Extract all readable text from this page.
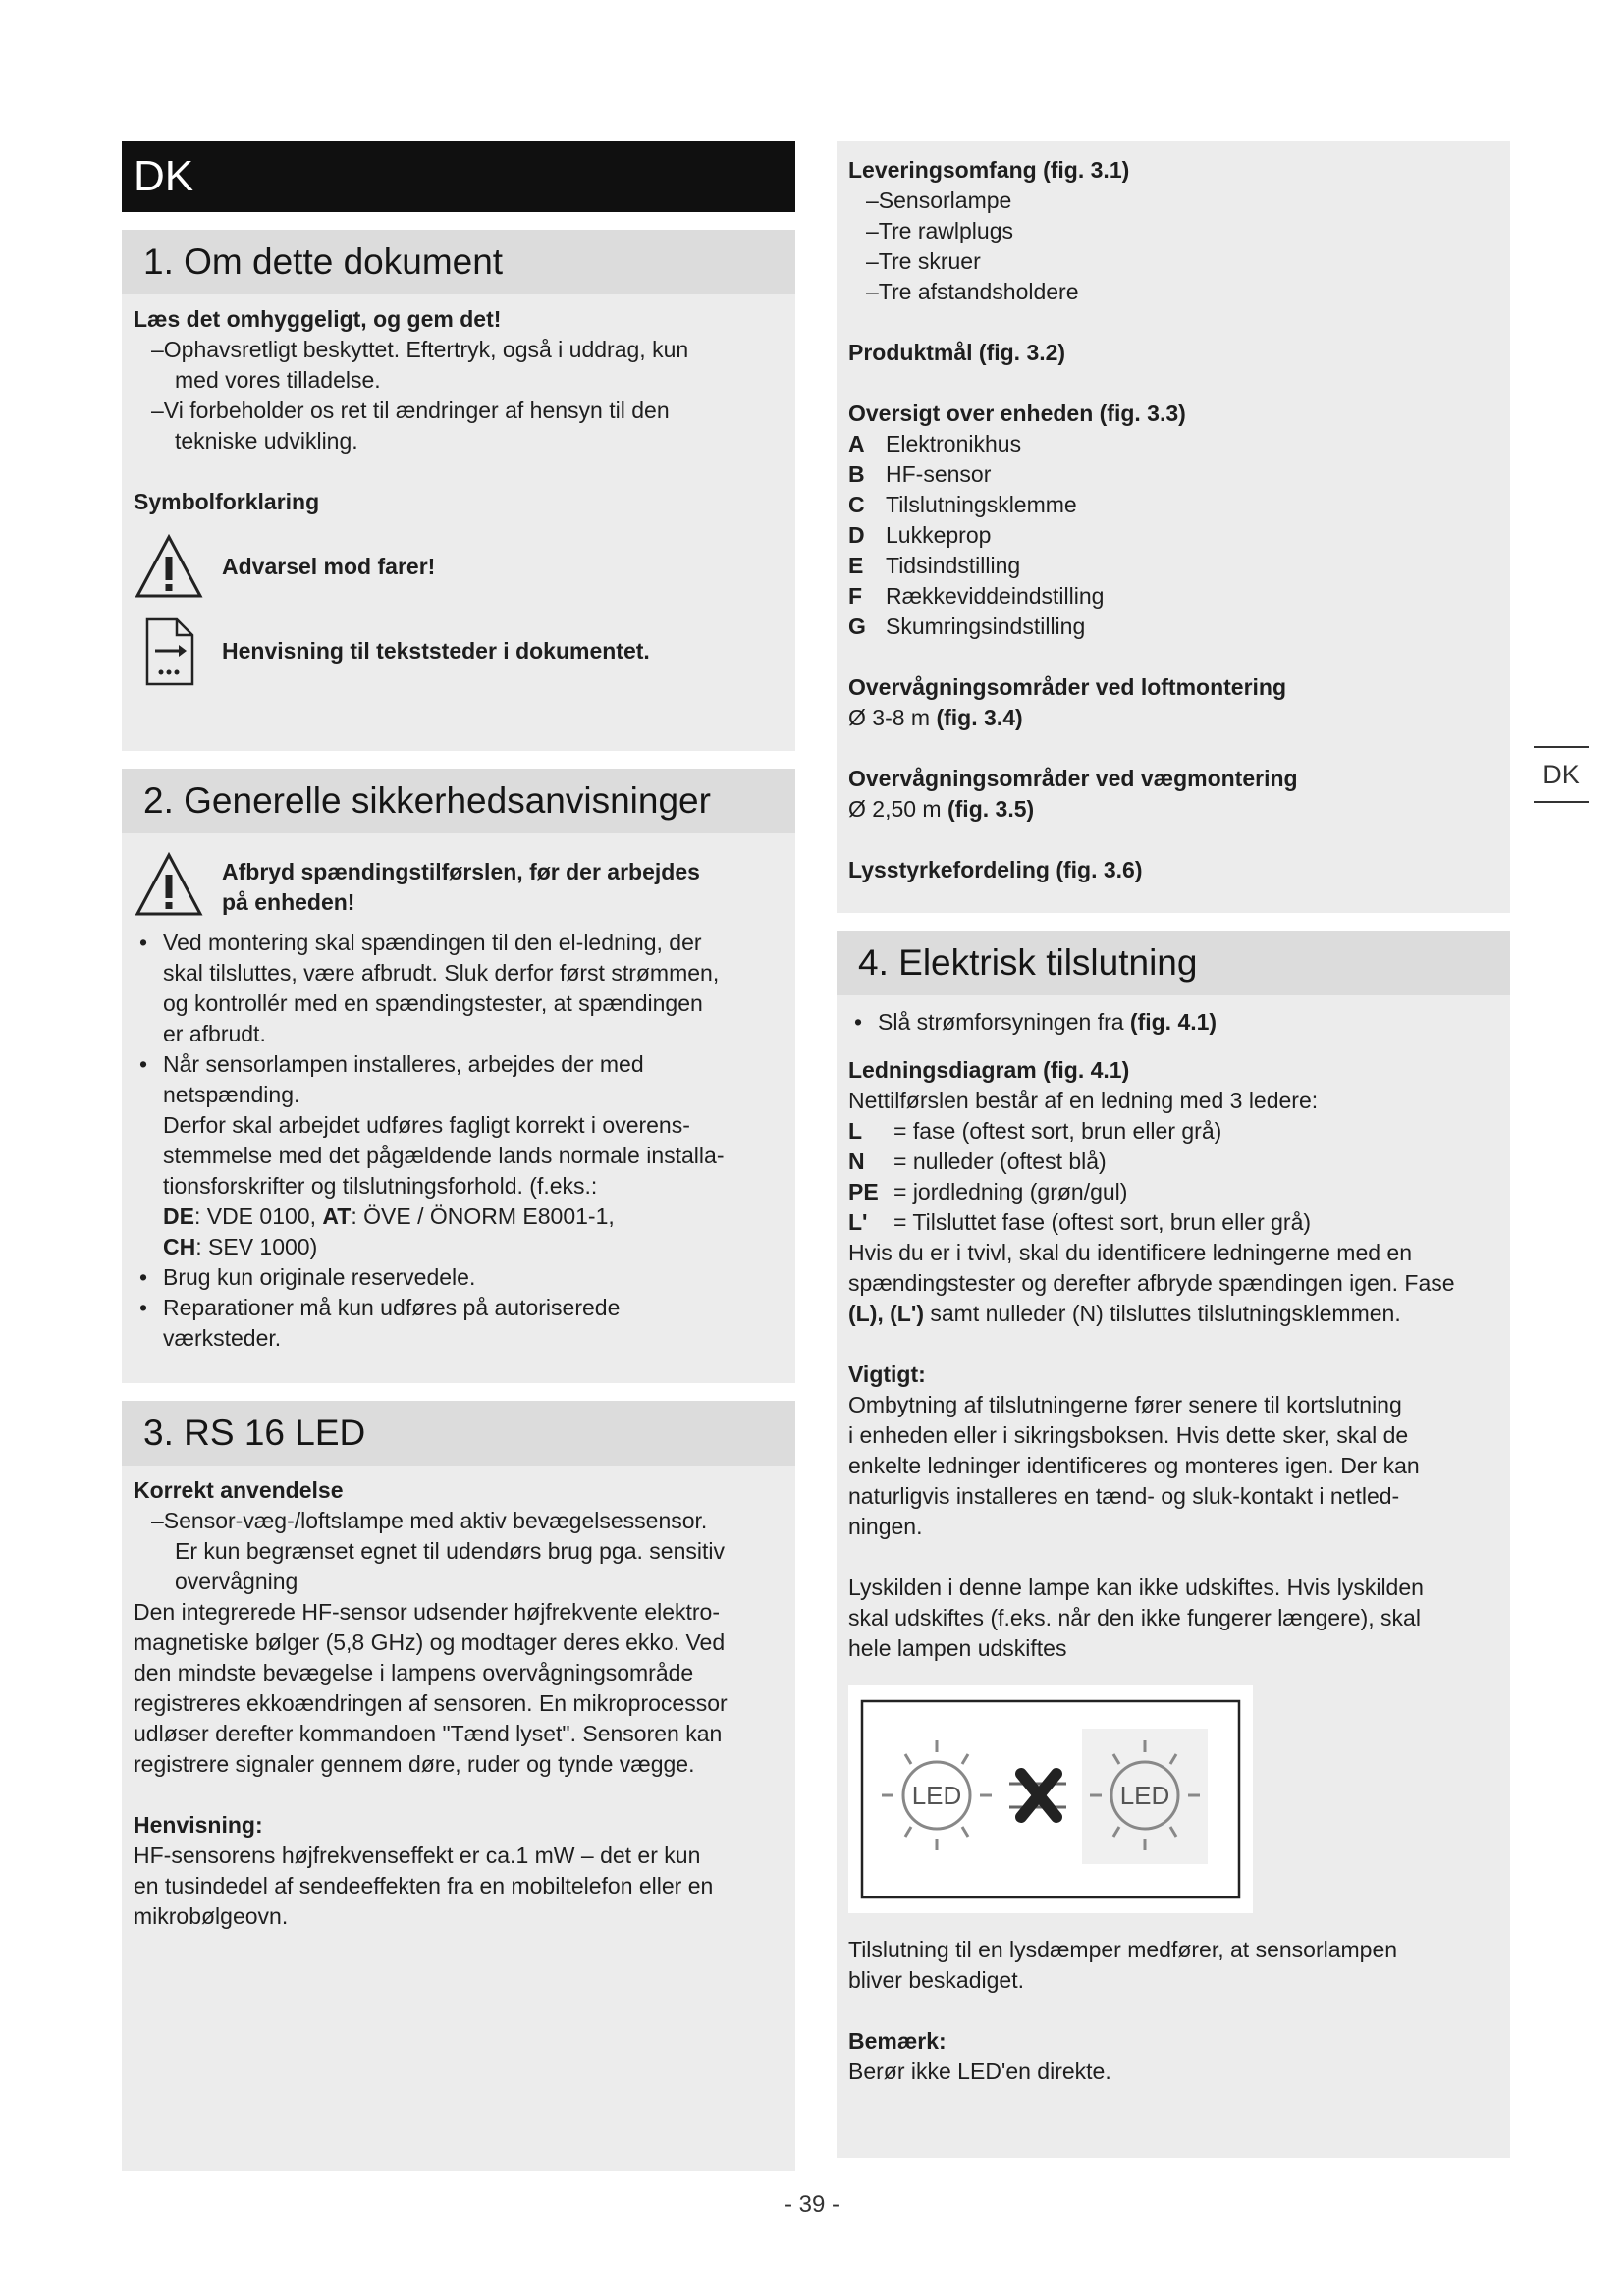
DK
1. Om dette dokument
Læs det omhyggeligt, og gem det!
–Ophavsretligt beskyttet. Eftertryk, også i uddrag, kun
med vores tilladelse.
–Vi forbeholder os ret til ændringer af hensyn til den
tekniske udvikling.
Symbolforklaring
Advarsel mod farer!
Henvisning til tekststeder i dokumentet.
2. Generelle sikkerhedsanvisninger
Afbryd spændingstilførslen, før der arbejdes
på enheden!
• Ved montering skal spændingen til den el-ledning, der
skal tilsluttes, være afbrudt. Sluk derfor først strømmen,
og kontrollér med en spændingstester, at spændingen
er afbrudt.
• Når sensorlampen installeres, arbejdes der med
netspænding.
Derfor skal arbejdet udføres fagligt korrekt i overens-
stemmelse med det pågældende lands normale installa-
tionsforskrifter og tilslutningsforhold. (f.eks.:
DE: VDE 0100, AT: ÖVE / ÖNORM E8001-1,
CH: SEV 1000)
• Brug kun originale reservedele.
• Reparationer må kun udføres på autoriserede
værksteder.
3. RS 16 LED
Korrekt anvendelse
–Sensor-væg-/loftslampe med aktiv bevægelsessensor.
Er kun begrænset egnet til udendørs brug pga. sensitiv
overvågning
Den integrerede HF-sensor udsender højfrekvente elektro-
magnetiske bølger (5,8 GHz) og modtager deres ekko. Ved
den mindste bevægelse i lampens overvågningsområde
registreres ekkoændringen af sensoren. En mikroprocessor
udløser derefter kommandoen "Tænd lyset". Sensoren kan
registrere signaler gennem døre, ruder og tynde vægge.
Henvisning:
HF-sensorens højfrekvenseffekt er ca.1 mW – det er kun
en tusindedel af sendeeffekten fra en mobiltelefon eller en
mikrobølgeovn.
Leveringsomfang (fig. 3.1)
–Sensorlampe
–Tre rawlplugs
–Tre skruer
–Tre afstandsholdere
Produktmål (fig. 3.2)
Oversigt over enheden (fig. 3.3)
A Elektronikhus
B HF-sensor
C Tilslutningsklemme
D Lukkeprop
E Tidsindstilling
F	Rækkeviddeindstilling
G Skumringsindstilling
Overvågningsområder ved loftmontering
Ø 3-8 m (fig. 3.4)
Overvågningsområder ved vægmontering
Ø 2,50 m (fig. 3.5)
Lysstyrkefordeling (fig. 3.6)
4. Elektrisk tilslutning
• Slå strømforsyningen fra (fig. 4.1)
Ledningsdiagram (fig. 4.1)
Nettilførslen består af en ledning med 3 ledere:
L	= fase (oftest sort, brun eller grå)
N	= nulleder (oftest blå)
PE = jordledning (grøn/gul)
L'	= Tilsluttet fase (oftest sort, brun eller grå)
Hvis du er i tvivl, skal du identificere ledningerne med en
spændingstester og derefter afbryde spændingen igen. Fase
(L), (L') samt nulleder (N) tilsluttes tilslutningsklemmen.
Vigtigt:
Ombytning af tilslutningerne fører senere til kortslutning
i enheden eller i sikringsboksen. Hvis dette sker, skal de
enkelte ledninger identificeres og monteres igen. Der kan
naturligvis installeres en tænd- og sluk-kontakt i netled-
ningen.
Lyskilden i denne lampe kan ikke udskiftes. Hvis lyskilden
skal udskiftes (f.eks. når den ikke fungerer længere), skal
hele lampen udskiftes
LED	LED
Tilslutning til en lysdæmper medfører, at sensorlampen
bliver beskadiget.
Bemærk:
Berør ikke LED'en direkte.
DK
- 39 -
